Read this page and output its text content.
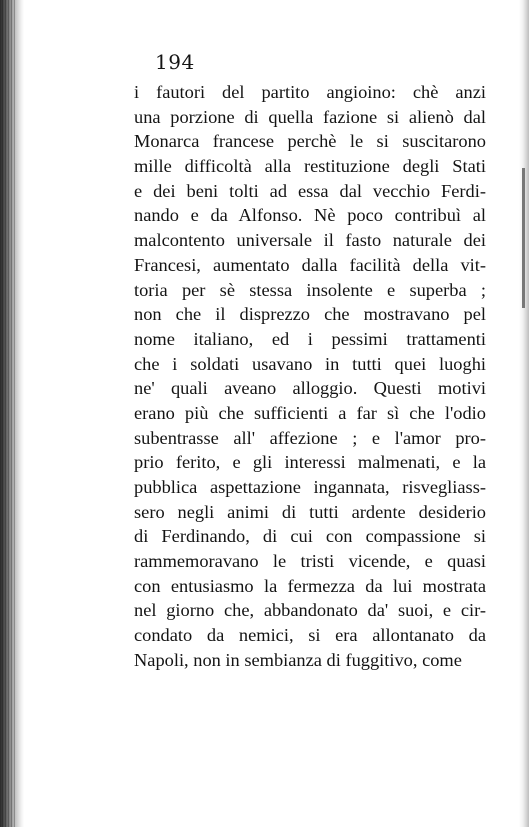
194
i fautori del partito angioino: chè anzi
una porzione di quella fazione si alienò dal
Monarca francese perchè le si suscitarono
mille difficoltà alla restituzione degli Stati
e dei beni tolti ad essa dal vecchio Ferdi-
nando e da Alfonso. Nè poco contribuì al
malcontento universale il fasto naturale dei
Francesi, aumentato dalla facilità della vit-
toria per sè stessa insolente e superba ;
non che il disprezzo che mostravano pel
nome italiano, ed i pessimi trattamenti
che i soldati usavano in tutti quei luoghi
ne' quali aveano alloggio. Questi motivi
erano più che sufficienti a far sì che l'odio
subentrasse all' affezione ; e l'amor pro-
prio ferito, e gli interessi malmenati, e la
pubblica aspettazione ingannata, risvegliass-
sero negli animi di tutti ardente desiderio
di Ferdinando, di cui con compassione si
rammemoravano le tristi vicende, e quasi
con entusiasmo la fermezza da lui mostrata
nel giorno che, abbandonato da' suoi, e cir-
condato da nemici, si era allontanato da
Napoli, non in sembianza di fuggitivo, come
